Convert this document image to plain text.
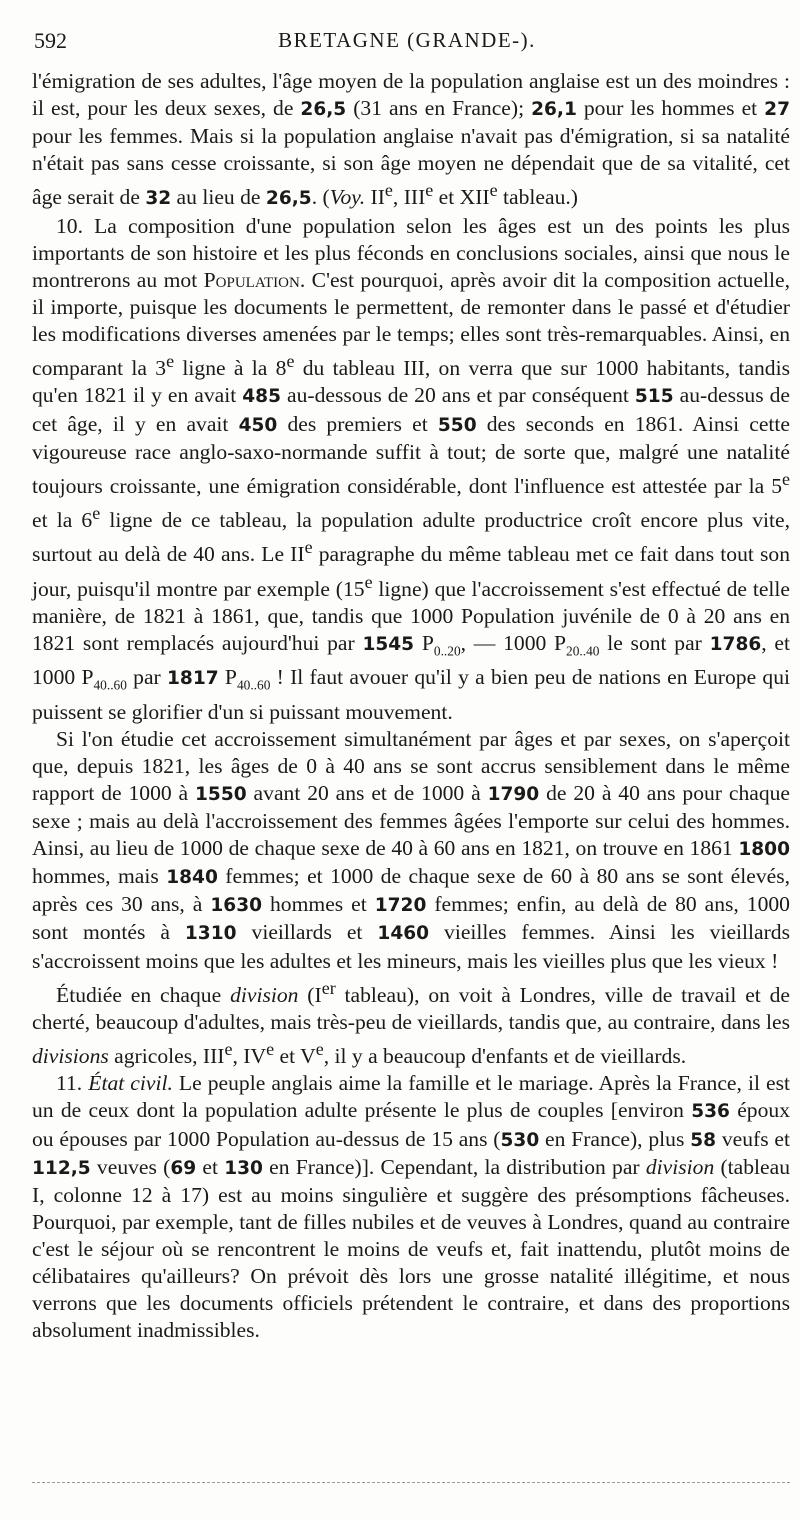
592	BRETAGNE (GRANDE-).

l'émigration de ses adultes, l'âge moyen de la population anglaise est un des moindres : il est, pour les deux sexes, de 26,5 (31 ans en France); 26,1 pour les hommes et 27 pour les femmes. Mais si la population anglaise n'avait pas d'émigration, si sa natalité n'était pas sans cesse croissante, si son âge moyen ne dépendait que de sa vitalité, cet âge serait de 32 au lieu de 26,5. (Voy. IIe, IIIe et XIIe tableau.)

10. La composition d'une population selon les âges est un des points les plus importants de son histoire et les plus féconds en conclusions sociales, ainsi que nous le montrerons au mot Population. C'est pourquoi, après avoir dit la composition actuelle, il importe, puisque les documents le permettent, de remonter dans le passé et d'étudier les modifications diverses amenées par le temps; elles sont très-remarquables. Ainsi, en comparant la 3e ligne à la 8e du tableau III, on verra que sur 1000 habitants, tandis qu'en 1821 il y en avait 485 au-dessous de 20 ans et par conséquent 515 au-dessus de cet âge, il y en avait 450 des premiers et 550 des seconds en 1861. Ainsi cette vigoureuse race anglo-saxo-normande suffit à tout; de sorte que, malgré une natalité toujours croissante, une émigration considérable, dont l'influence est attestée par la 5e et la 6e ligne de ce tableau, la population adulte productrice croît encore plus vite, surtout au delà de 40 ans. Le IIe paragraphe du même tableau met ce fait dans tout son jour, puisqu'il montre par exemple (15e ligne) que l'accroissement s'est effectué de telle manière, de 1821 à 1861, que, tandis que 1000 Population juvénile de 0 à 20 ans en 1821 sont remplacés aujourd'hui par 1545 $P_{0..20}$, — 1000 $P_{20..40}$ le sont par 1786, et 1000 $P_{40..60}$ par 1817 $P_{40..60}$ ! Il faut avouer qu'il y a bien peu de nations en Europe qui puissent se glorifier d'un si puissant mouvement.

Si l'on étudie cet accroissement simultanément par âges et par sexes, on s'aperçoit que, depuis 1821, les âges de 0 à 40 ans se sont accrus sensiblement dans le même rapport de 1000 à 1550 avant 20 ans et de 1000 à 1790 de 20 à 40 ans pour chaque sexe ; mais au delà l'accroissement des femmes âgées l'emporte sur celui des hommes. Ainsi, au lieu de 1000 de chaque sexe de 40 à 60 ans en 1821, on trouve en 1861 1800 hommes, mais 1840 femmes; et 1000 de chaque sexe de 60 à 80 ans se sont élevés, après ces 30 ans, à 1630 hommes et 1720 femmes; enfin, au delà de 80 ans, 1000 sont montés à 1310 vieillards et 1460 vieilles femmes. Ainsi les vieillards s'accroissent moins que les adultes et les mineurs, mais les vieilles plus que les vieux !

Étudiée en chaque division (Ier tableau), on voit à Londres, ville de travail et de cherté, beaucoup d'adultes, mais très-peu de vieillards, tandis que, au contraire, dans les divisions agricoles, IIIe, IVe et Ve, il y a beaucoup d'enfants et de vieillards.

11. État civil. Le peuple anglais aime la famille et le mariage. Après la France, il est un de ceux dont la population adulte présente le plus de couples [environ 536 époux ou épouses par 1000 Population au-dessus de 15 ans (530 en France), plus 58 veufs et 112,5 veuves (69 et 130 en France)]. Cependant, la distribution par division (tableau I, colonne 12 à 17) est au moins singulière et suggère des présomptions fâcheuses. Pourquoi, par exemple, tant de filles nubiles et de veuves à Londres, quand au contraire c'est le séjour où se rencontrent le moins de veufs et, fait inattendu, plutôt moins de célibataires qu'ailleurs? On prévoit dès lors une grosse natalité illégitime, et nous verrons que les documents officiels prétendent le contraire, et dans des proportions absolument inadmissibles.
